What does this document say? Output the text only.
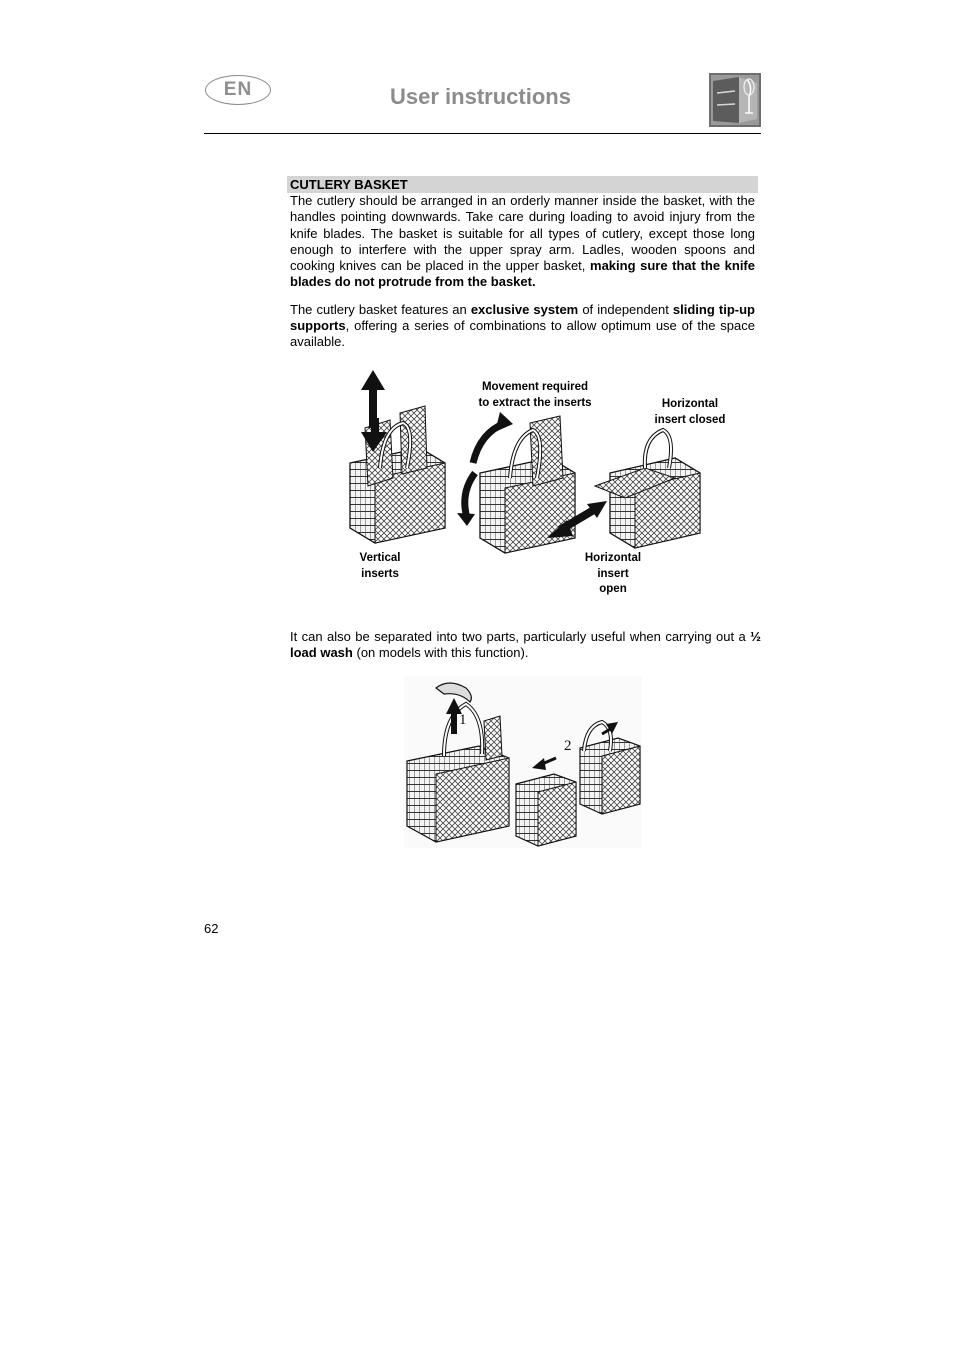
EN	User instructions
CUTLERY BASKET

The cutlery should be arranged in an orderly manner inside the basket, with the handles pointing downwards. Take care during loading to avoid injury from the knife blades. The basket is suitable for all types of cutlery, except those long enough to interfere with the upper spray arm. Ladles, wooden spoons and cooking knives can be placed in the upper basket, making sure that the knife blades do not protrude from the basket.

The cutlery basket features an exclusive system of independent sliding tip-up supports, offering a series of combinations to allow optimum use of the space available.

Movement required
to extract the inserts	Horizontal
insert closed
Vertical
inserts
Horizontal
insert
open

It can also be separated into two parts, particularly useful when carrying out a ½ load wash (on models with this function).

1
2
62
